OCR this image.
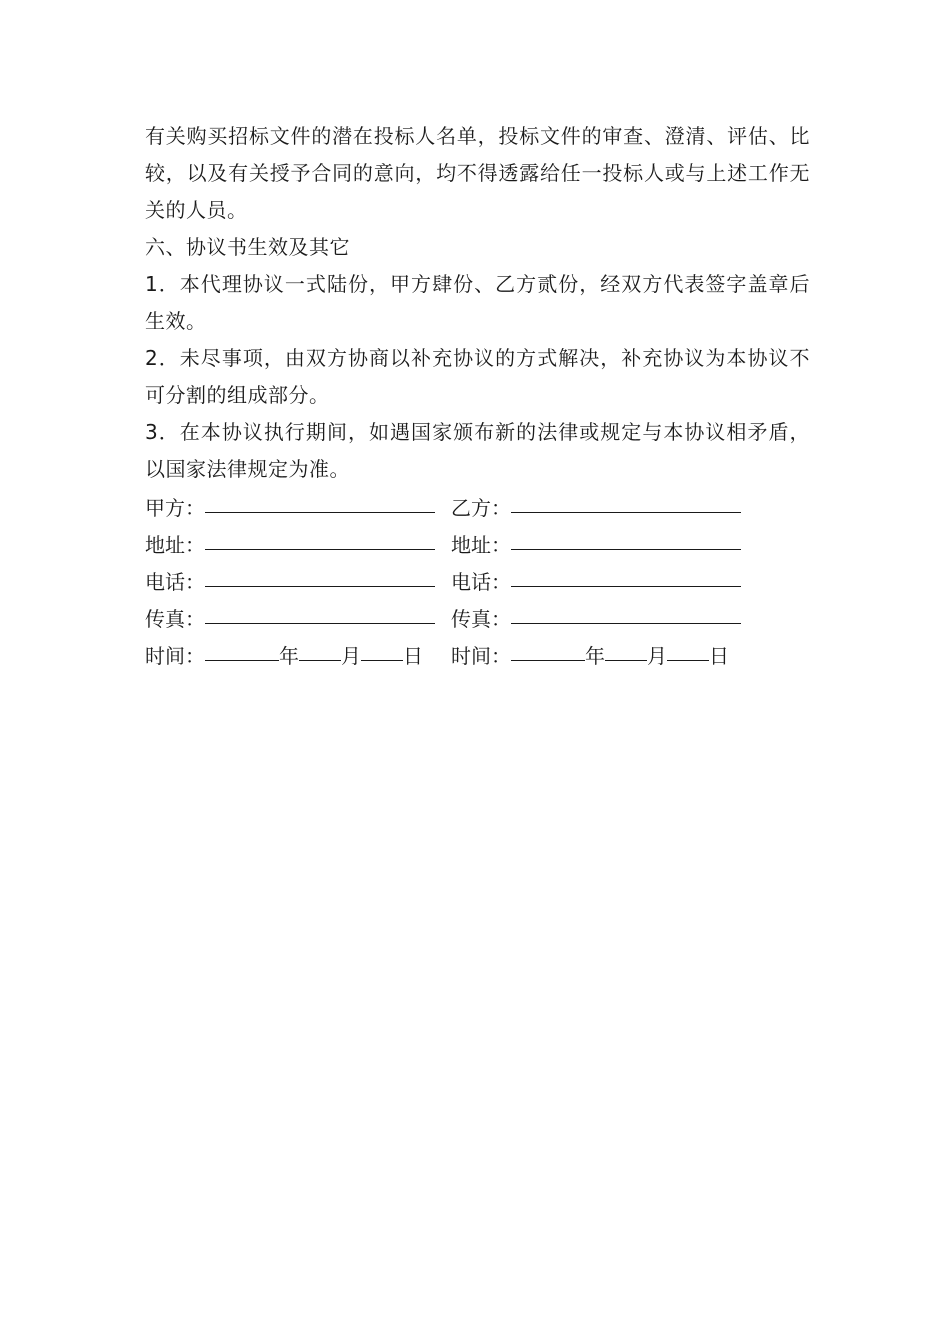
有关购买招标文件的潜在投标人名单，投标文件的审查、澄清、评估、比较，以及有关授予合同的意向，均不得透露给任一投标人或与上述工作无关的人员。

六、协议书生效及其它

1．本代理协议一式陆份，甲方肆份、乙方贰份，经双方代表签字盖章后生效。

2．未尽事项，由双方协商以补充协议的方式解决，补充协议为本协议不可分割的组成部分。

3．在本协议执行期间，如遇国家颁布新的法律或规定与本协议相矛盾，以国家法律规定为准。

甲方：	乙方：
地址：	地址：
电话：	电话：
传真：	传真：
时间：	年 月 日 时间：	年 月 日
